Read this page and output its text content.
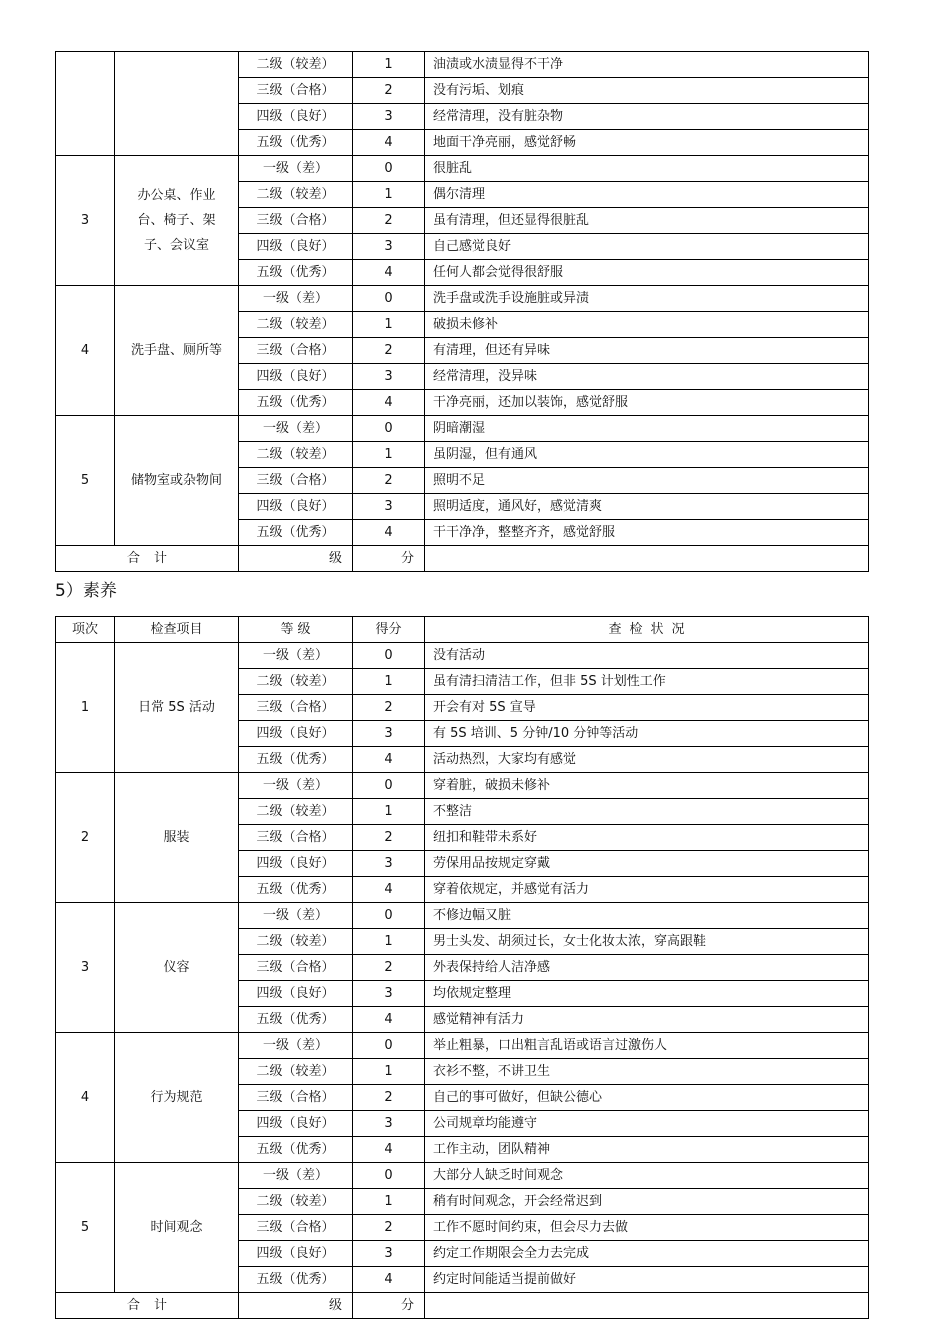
		二级（较差）	1	油渍或水渍显得不干净
		三级（合格）	2	没有污垢、划痕
		四级（良好）	3	经常清理，没有脏杂物
		五级（优秀）	4	地面干净亮丽，感觉舒畅
3	办公桌、作业台、椅子、架子、会议室	一级（差）	0	很脏乱
		二级（较差）	1	偶尔清理
		三级（合格）	2	虽有清理，但还显得很脏乱
		四级（良好）	3	自己感觉良好
		五级（优秀）	4	任何人都会觉得很舒服
4	洗手盘、厕所等	一级（差）	0	洗手盘或洗手设施脏或异渍
		二级（较差）	1	破损未修补
		三级（合格）	2	有清理，但还有异味
		四级（良好）	3	经常清理，没异味
		五级（优秀）	4	干净亮丽，还加以装饰，感觉舒服
5	储物室或杂物间	一级（差）	0	阴暗潮湿
		二级（较差）	1	虽阴湿，但有通风
		三级（合格）	2	照明不足
		四级（良好）	3	照明适度，通风好，感觉清爽
		五级（优秀）	4	干干净净，整整齐齐，感觉舒服
合计		级	分	
5）素养
项次	检查项目	等级	得分	查检状况
1	日常 5S 活动	一级（差）	0	没有活动
		二级（较差）	1	虽有清扫清洁工作，但非 5S 计划性工作
		三级（合格）	2	开会有对 5S 宣导
		四级（良好）	3	有 5S 培训、5 分钟/10 分钟等活动
		五级（优秀）	4	活动热烈，大家均有感觉
2	服装	一级（差）	0	穿着脏，破损未修补
		二级（较差）	1	不整洁
		三级（合格）	2	纽扣和鞋带未系好
		四级（良好）	3	劳保用品按规定穿戴
		五级（优秀）	4	穿着依规定，并感觉有活力
3	仪容	一级（差）	0	不修边幅又脏
		二级（较差）	1	男士头发、胡须过长，女士化妆太浓，穿高跟鞋
		三级（合格）	2	外表保持给人洁净感
		四级（良好）	3	均依规定整理
		五级（优秀）	4	感觉精神有活力
4	行为规范	一级（差）	0	举止粗暴，口出粗言乱语或语言过激伤人
		二级（较差）	1	衣衫不整，不讲卫生
		三级（合格）	2	自己的事可做好，但缺公德心
		四级（良好）	3	公司规章均能遵守
		五级（优秀）	4	工作主动，团队精神
5	时间观念	一级（差）	0	大部分人缺乏时间观念
		二级（较差）	1	稍有时间观念，开会经常迟到
		三级（合格）	2	工作不愿时间约束，但会尽力去做
		四级（良好）	3	约定工作期限会全力去完成
		五级（优秀）	4	约定时间能适当提前做好
合计		级	分	
